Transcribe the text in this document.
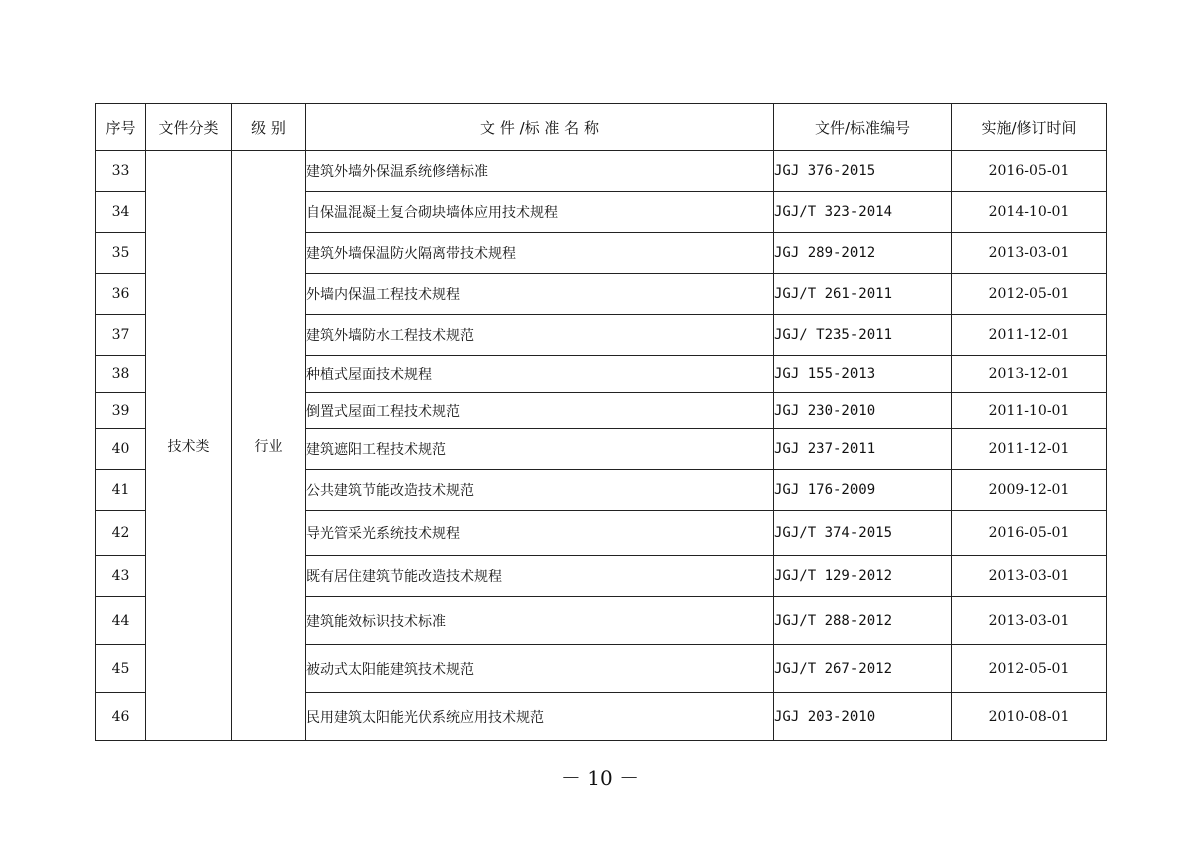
序号	文件分类	级 别	文 件 /标 准 名 称	文件/标准编号	实施/修订时间
33	技术类	行业	建筑外墙外保温系统修缮标准	JGJ 376-2015	2016-05-01
34			自保温混凝土复合砌块墙体应用技术规程	JGJ/T 323-2014	2014-10-01
35			建筑外墙保温防火隔离带技术规程	JGJ 289-2012	2013-03-01
36			外墙内保温工程技术规程	JGJ/T 261-2011	2012-05-01
37			建筑外墙防水工程技术规范	JGJ/ T235-2011	2011-12-01
38			种植式屋面技术规程	JGJ 155-2013	2013-12-01
39			倒置式屋面工程技术规范	JGJ 230-2010	2011-10-01
40			建筑遮阳工程技术规范	JGJ 237-2011	2011-12-01
41			公共建筑节能改造技术规范	JGJ 176-2009	2009-12-01
42			导光管采光系统技术规程	JGJ/T 374-2015	2016-05-01
43			既有居住建筑节能改造技术规程	JGJ/T 129-2012	2013-03-01
44			建筑能效标识技术标准	JGJ/T 288-2012	2013-03-01
45			被动式太阳能建筑技术规范	JGJ/T 267-2012	2012-05-01
46			民用建筑太阳能光伏系统应用技术规范	JGJ 203-2010	2010-08-01
－ 10 －
